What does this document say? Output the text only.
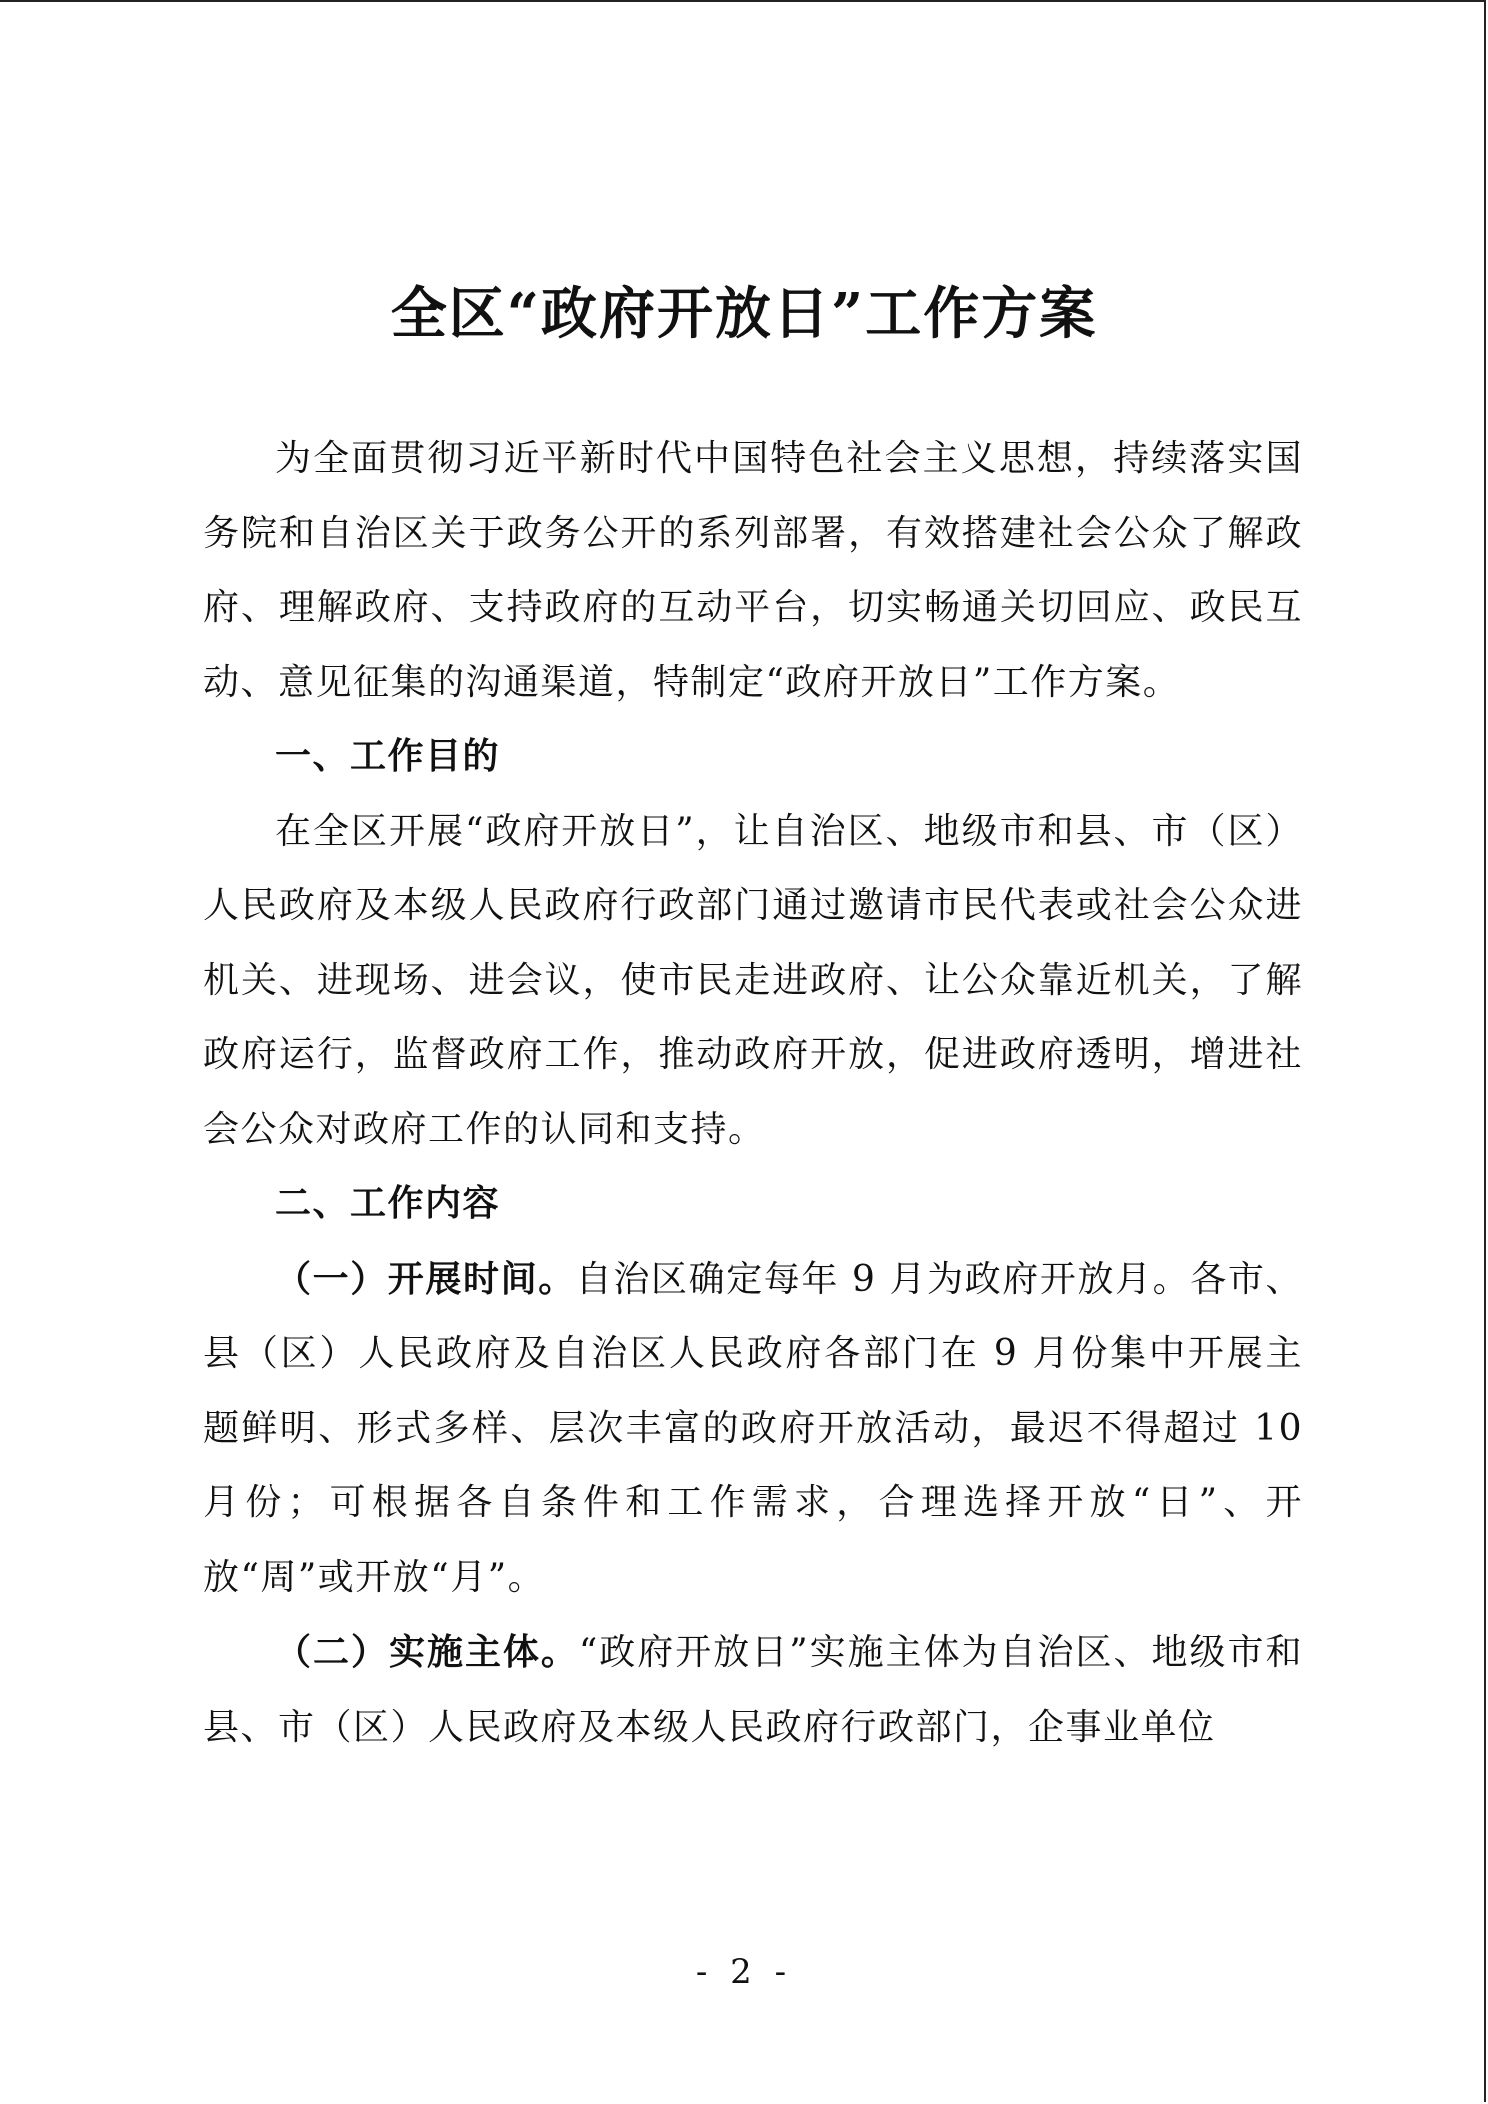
全区“政府开放日”工作方案

为全面贯彻习近平新时代中国特色社会主义思想，持续落实国务院和自治区关于政务公开的系列部署，有效搭建社会公众了解政府、理解政府、支持政府的互动平台，切实畅通关切回应、政民互动、意见征集的沟通渠道，特制定“政府开放日”工作方案。

一、工作目的

在全区开展“政府开放日”，让自治区、地级市和县、市（区）人民政府及本级人民政府行政部门通过邀请市民代表或社会公众进机关、进现场、进会议，使市民走进政府、让公众靠近机关，了解政府运行，监督政府工作，推动政府开放，促进政府透明，增进社会公众对政府工作的认同和支持。

二、工作内容

（一）开展时间。自治区确定每年 9 月为政府开放月。各市、县（区）人民政府及自治区人民政府各部门在 9 月份集中开展主题鲜明、形式多样、层次丰富的政府开放活动，最迟不得超过 10 月份；可根据各自条件和工作需求，合理选择开放“日”、开放“周”或开放“月”。

（二）实施主体。“政府开放日”实施主体为自治区、地级市和县、市（区）人民政府及本级人民政府行政部门，企事业单位

- 2 -
